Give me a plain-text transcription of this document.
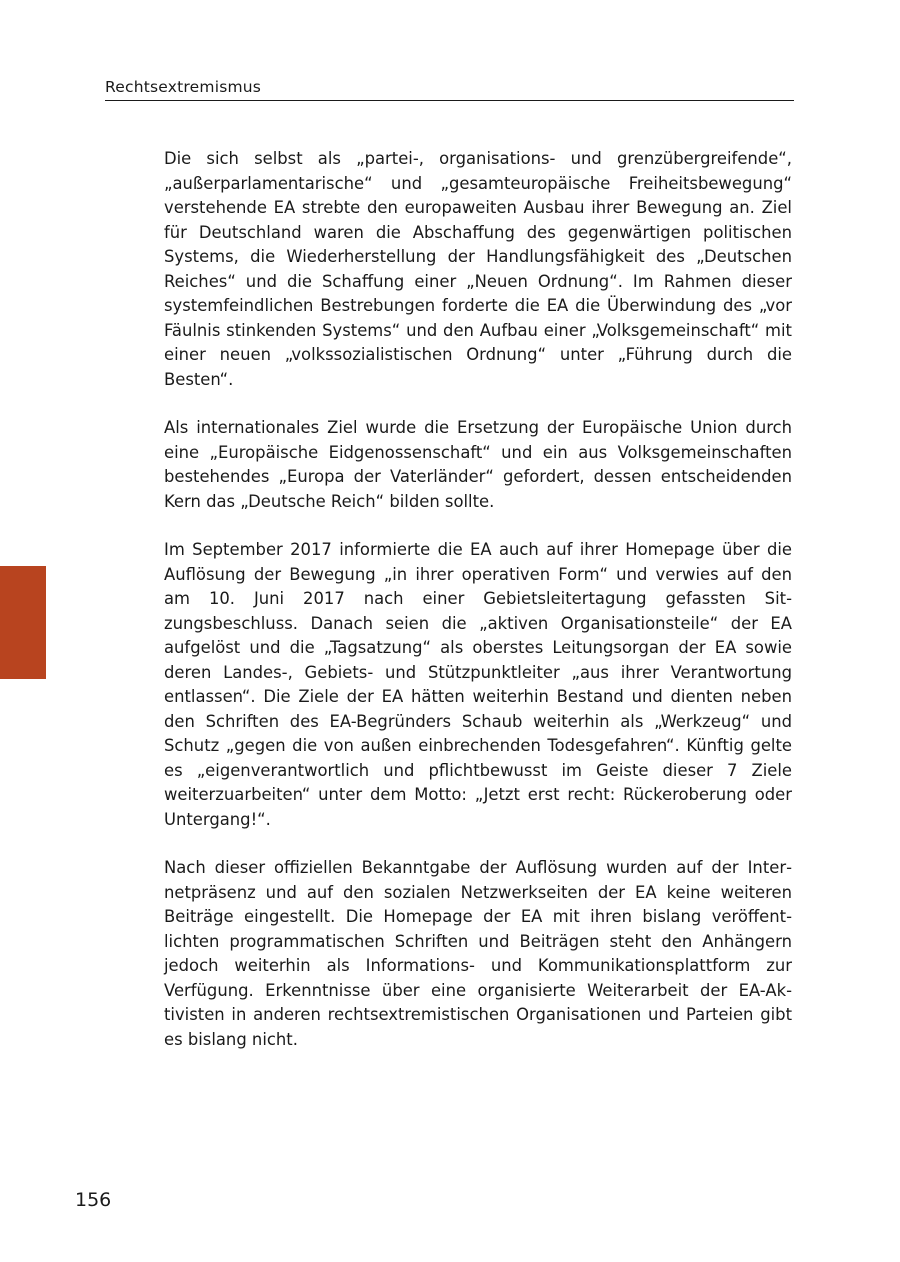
Rechtsextremismus

Die sich selbst als „partei-, organisations- und grenzübergreifende“, „außerparlamentarische“ und „gesamteuropäische Freiheitsbewegung“ verstehende EA strebte den europaweiten Ausbau ihrer Bewegung an. Ziel für Deutschland waren die Abschaffung des gegenwärtigen politischen Systems, die Wiederherstellung der Handlungsfähigkeit des „Deutschen Reiches“ und die Schaffung einer „Neuen Ordnung“. Im Rahmen dieser systemfeindlichen Bestrebungen forderte die EA die Überwindung des „vor Fäulnis stinkenden Systems“ und den Aufbau einer „Volksgemeinschaft“ mit einer neuen „volkssozialistischen Ordnung“ unter „Führung durch die Besten“.

Als internationales Ziel wurde die Ersetzung der Europäische Union durch eine „Europäische Eidgenossenschaft“ und ein aus Volksgemeinschaften bestehendes „Europa der Vaterländer“ gefordert, dessen entscheidenden Kern das „Deutsche Reich“ bilden sollte.

Im September 2017 informierte die EA auch auf ihrer Homepage über die Auflösung der Bewegung „in ihrer operativen Form“ und verwies auf den am 10. Juni 2017 nach einer Gebietsleitertagung gefassten Sitzungsbeschluss. Danach seien die „aktiven Organisationsteile“ der EA aufgelöst und die „Tagsatzung“ als oberstes Leitungsorgan der EA sowie deren Landes-, Gebiets- und Stützpunktleiter „aus ihrer Verantwortung entlassen“. Die Ziele der EA hätten weiterhin Bestand und dienten neben den Schriften des EA-Begründers Schaub weiterhin als „Werkzeug“ und Schutz „gegen die von außen einbrechenden Todesgefahren“. Künftig gelte es „eigenverantwortlich und pflichtbewusst im Geiste dieser 7 Ziele weiterzuarbeiten“ unter dem Motto: „Jetzt erst recht: Rückeroberung oder Untergang!“.

Nach dieser offiziellen Bekanntgabe der Auflösung wurden auf der Internetpräsenz und auf den sozialen Netzwerkseiten der EA keine weiteren Beiträge eingestellt. Die Homepage der EA mit ihren bislang veröffentlichten programmatischen Schriften und Beiträgen steht den Anhängern jedoch weiterhin als Informations- und Kommunikationsplattform zur Verfügung. Erkenntnisse über eine organisierte Weiterarbeit der EA-Aktivisten in anderen rechtsextremistischen Organisationen und Parteien gibt es bislang nicht.

156
